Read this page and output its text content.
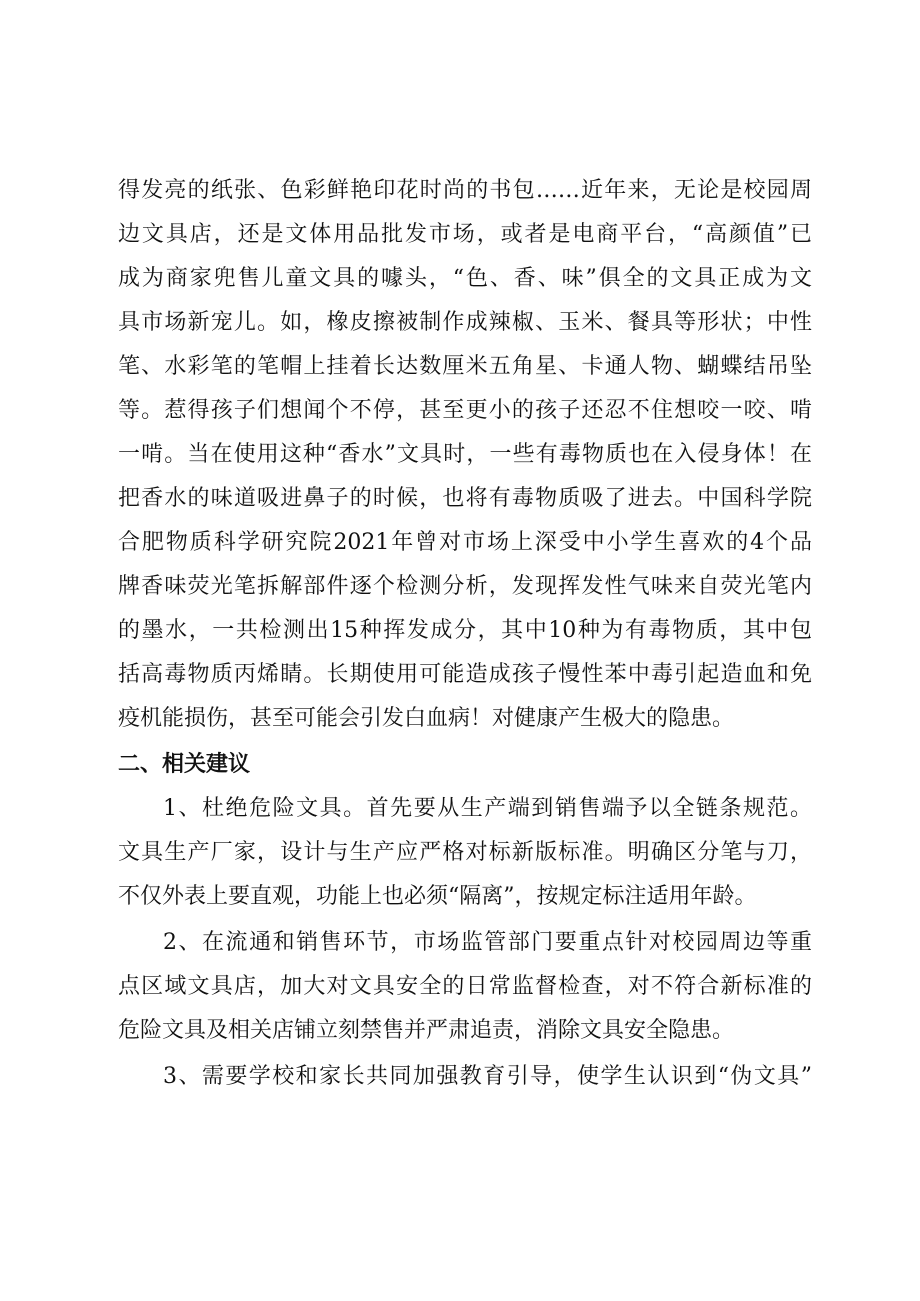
得发亮的纸张、色彩鲜艳印花时尚的书包……近年来，无论是校园周
边文具店，还是文体用品批发市场，或者是电商平台，“高颜值”已
成为商家兜售儿童文具的噱头，“色、香、味”俱全的文具正成为文
具市场新宠儿。如，橡皮擦被制作成辣椒、玉米、餐具等形状；中性
笔、水彩笔的笔帽上挂着长达数厘米五角星、卡通人物、蝴蝶结吊坠
等。惹得孩子们想闻个不停，甚至更小的孩子还忍不住想咬一咬、啃
一啃。当在使用这种“香水”文具时，一些有毒物质也在入侵身体！在
把香水的味道吸进鼻子的时候，也将有毒物质吸了进去。中国科学院
合肥物质科学研究院2021年曾对市场上深受中小学生喜欢的4个品
牌香味荧光笔拆解部件逐个检测分析，发现挥发性气味来自荧光笔内
的墨水，一共检测出15种挥发成分，其中10种为有毒物质，其中包
括高毒物质丙烯睛。长期使用可能造成孩子慢性苯中毒引起造血和免
疫机能损伤，甚至可能会引发白血病！对健康产生极大的隐患。
二、相关建议
1、杜绝危险文具。首先要从生产端到销售端予以全链条规范。
文具生产厂家，设计与生产应严格对标新版标准。明确区分笔与刀，
不仅外表上要直观，功能上也必须“隔离”，按规定标注适用年龄。
2、在流通和销售环节，市场监管部门要重点针对校园周边等重
点区域文具店，加大对文具安全的日常监督检查，对不符合新标准的
危险文具及相关店铺立刻禁售并严肃追责，消除文具安全隐患。
3、需要学校和家长共同加强教育引导，使学生认识到“伪文具”
